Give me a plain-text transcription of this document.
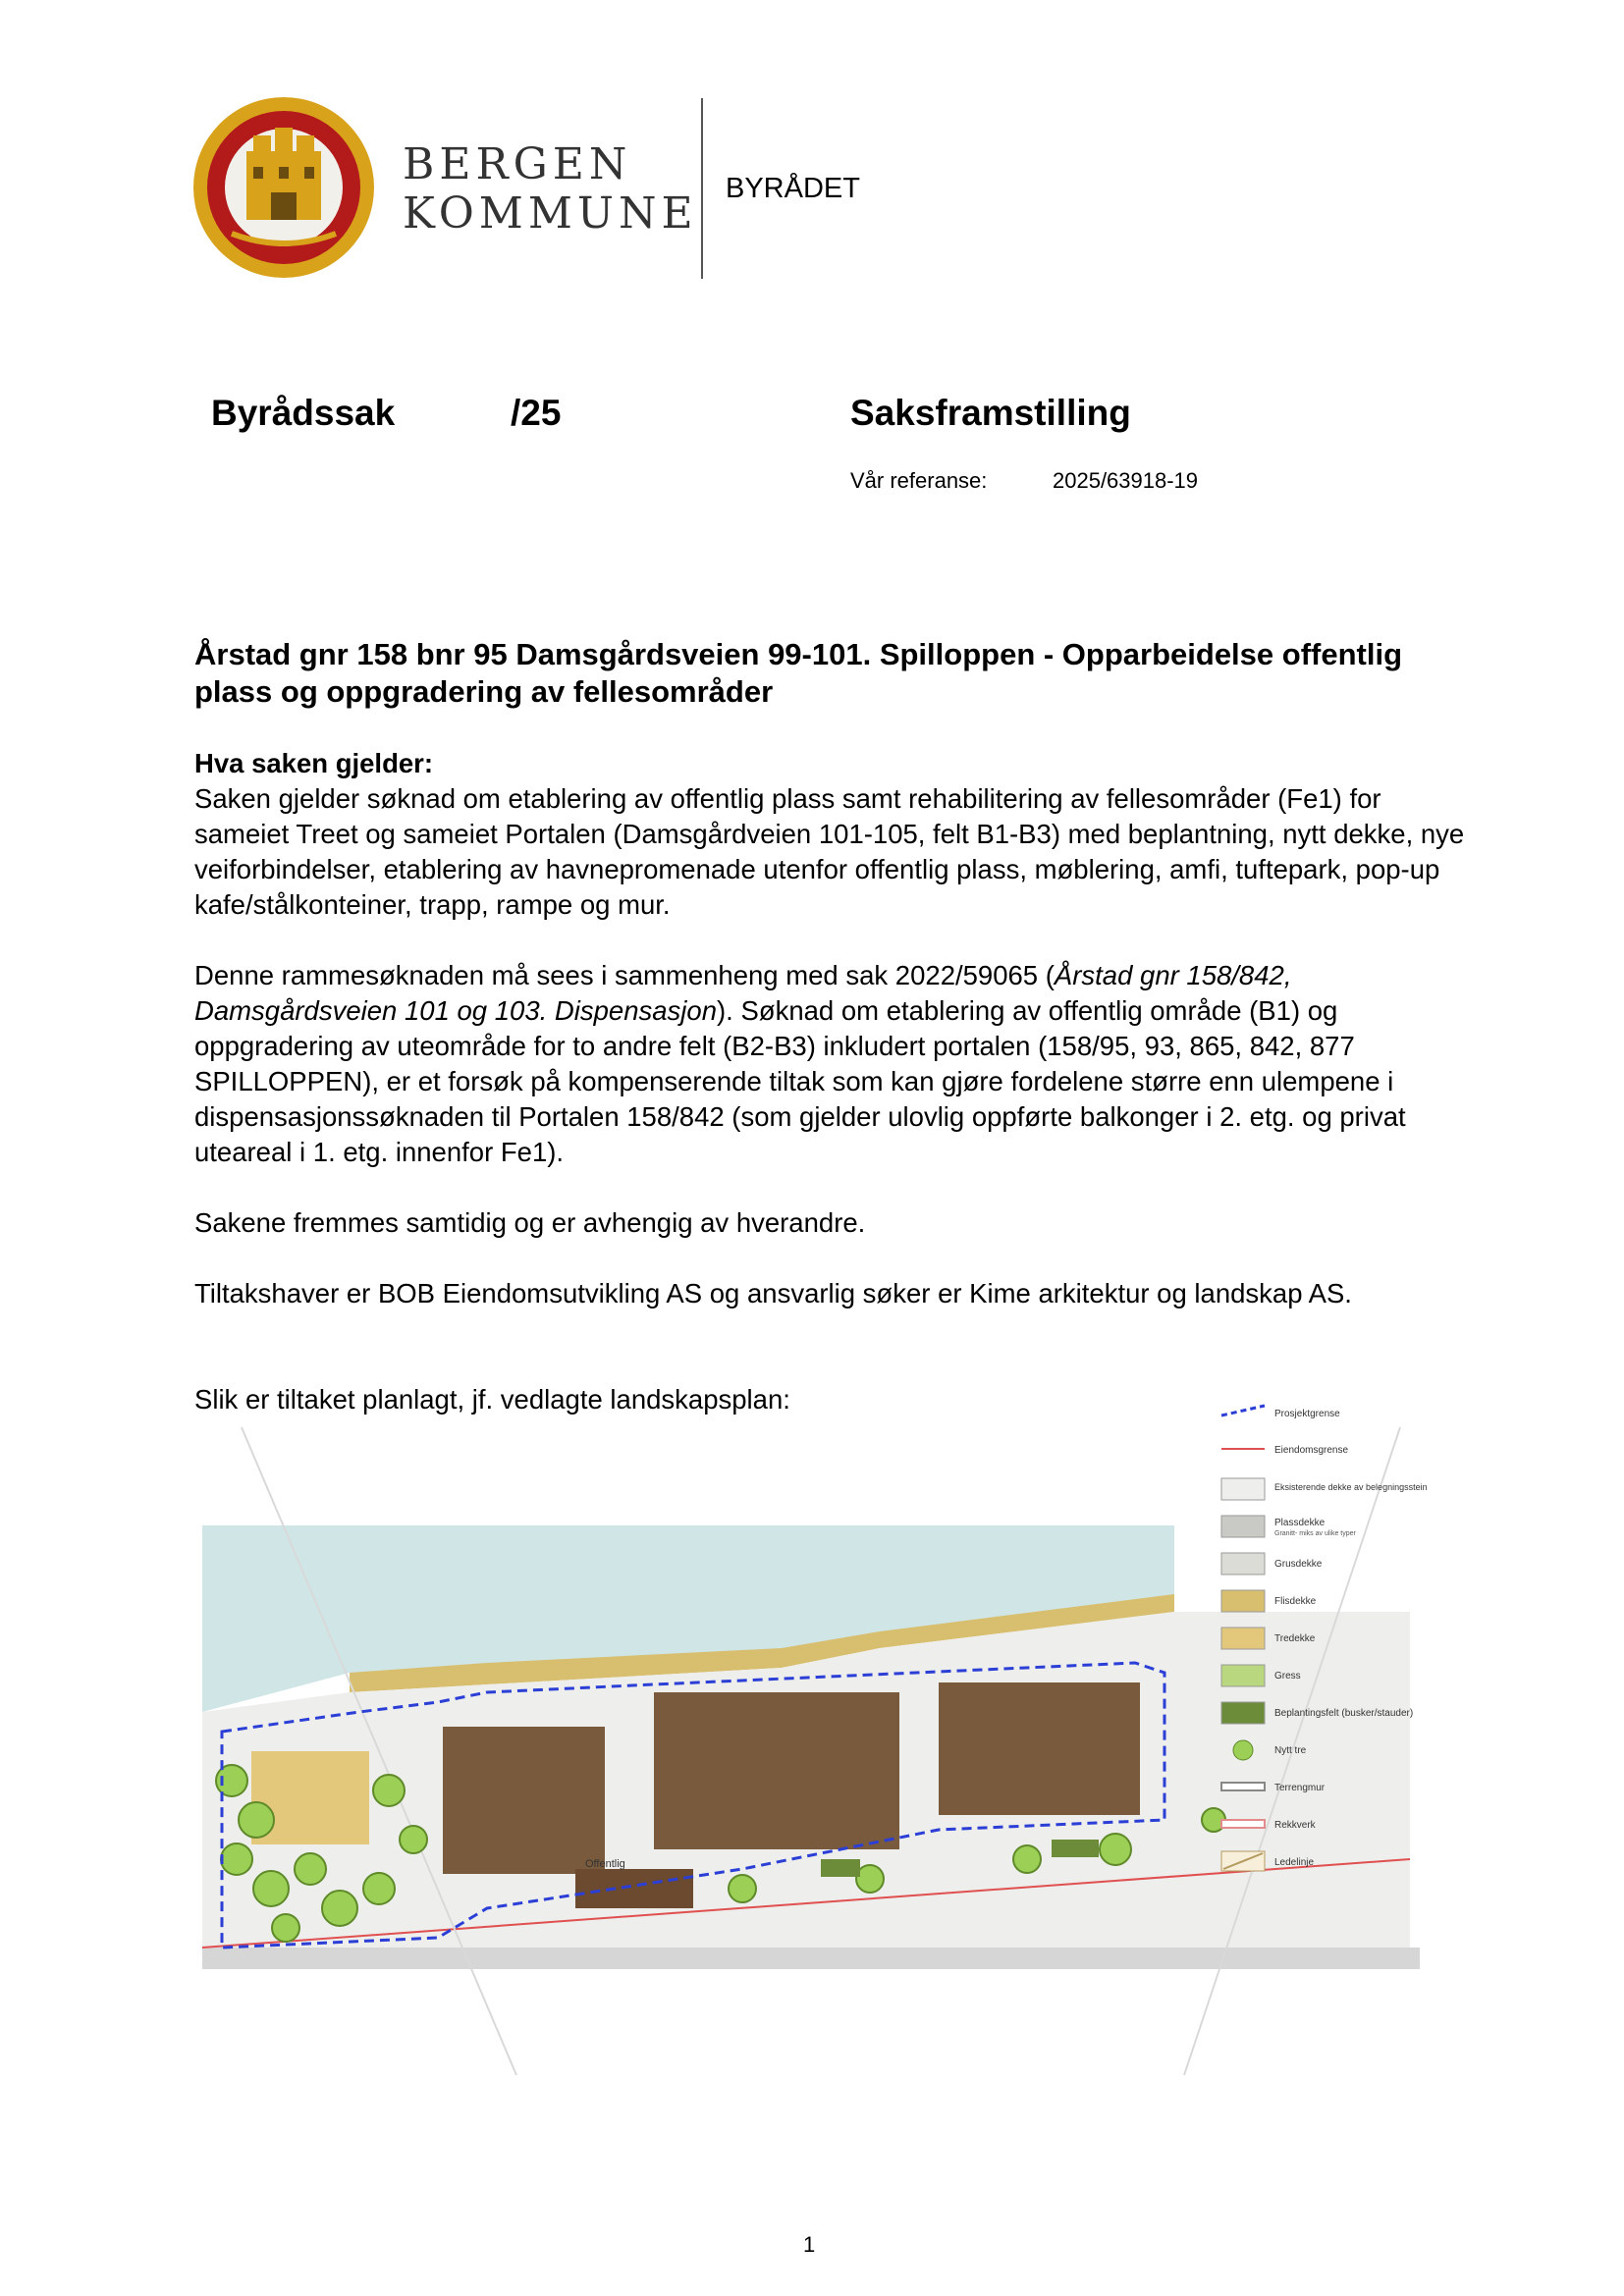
BERGEN
KOMMUNE BYRÅDET
Byrådssak	/25	Saksframstilling
Vår referanse:	2025/63918-19
Årstad gnr 158 bnr 95 Damsgårdsveien 99-101. Spilloppen - Opparbeidelse offentlig plass og oppgradering av fellesområder
Hva saken gjelder:
Saken gjelder søknad om etablering av offentlig plass samt rehabilitering av fellesområder (Fe1) for sameiet Treet og sameiet Portalen (Damsgårdveien 101-105, felt B1-B3) med beplantning, nytt dekke, nye veiforbindelser, etablering av havnepromenade utenfor offentlig plass, møblering, amfi, tuftepark, pop-up kafe/stålkonteiner, trapp, rampe og mur.
Denne rammesøknaden må sees i sammenheng med sak 2022/59065 (Årstad gnr 158/842, Damsgårdsveien 101 og 103. Dispensasjon). Søknad om etablering av offentlig område (B1) og oppgradering av uteområde for to andre felt (B2-B3) inkludert portalen (158/95, 93, 865, 842, 877 SPILLOPPEN), er et forsøk på kompenserende tiltak som kan gjøre fordelene større enn ulempene i dispensasjonssøknaden til Portalen 158/842 (som gjelder ulovlig oppførte balkonger i 2. etg. og privat uteareal i 1. etg. innenfor Fe1).
Sakene fremmes samtidig og er avhengig av hverandre.
Tiltakshaver er BOB Eiendomsutvikling AS og ansvarlig søker er Kime arkitektur og landskap AS.
Slik er tiltaket planlagt, jf. vedlagte landskapsplan:
Offentlig
Prosjektgrense
Eiendomsgrense
Eksisterende dekke av belegningsstein
Plassdekke
Granitt- miks av ulike typer
Grusdekke
Flisdekke
Tredekke
Gress
Beplantingsfelt (busker/stauder)
Nytt tre
Terrengmur
Rekkverk
Ledelinje
1
